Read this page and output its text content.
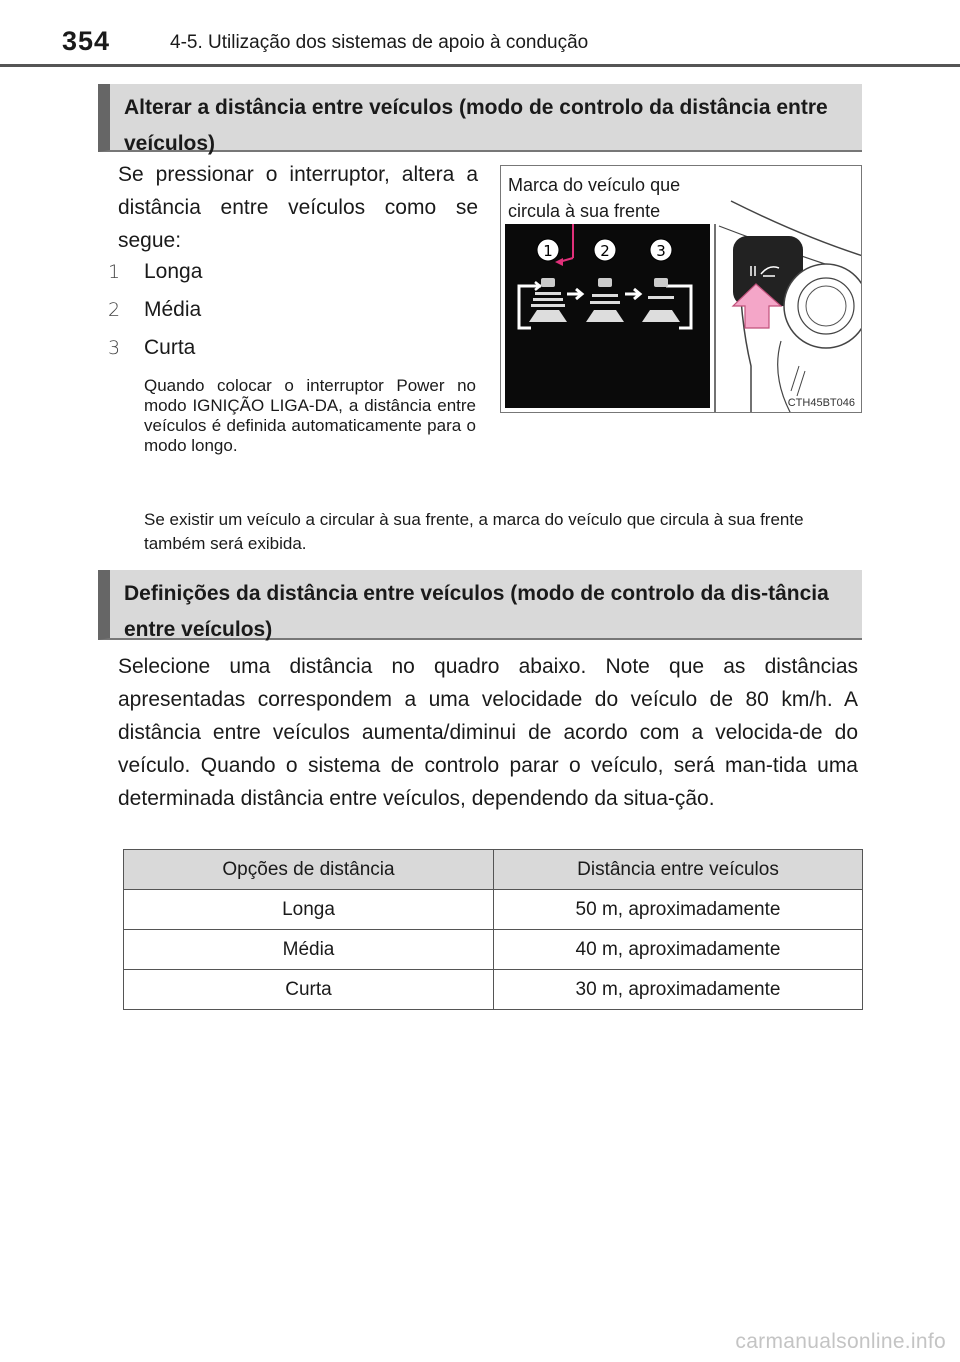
354	4-5. Utilização dos sistemas de apoio à condução
Alterar a distância entre veículos (modo de controlo da distância entre veículos)
Se pressionar o interruptor, altera a distância entre veículos como se segue:
1 Longa
2 Média
3 Curta
Quando colocar o interruptor Power no modo IGNIÇÃO LIGA-DA, a distância entre veículos é definida automaticamente para o modo longo.
Se existir um veículo a circular à sua frente, a marca do veículo que circula à sua frente também será exibida.
1	2	3
CTH45BT046
Marca do veículo que circula à sua frente
Definições da distância entre veículos (modo de controlo da dis-tância entre veículos)
Selecione uma distância no quadro abaixo. Note que as distâncias apresentadas correspondem a uma velocidade do veículo de 80 km/h. A distância entre veículos aumenta/diminui de acordo com a velocida-de do veículo. Quando o sistema de controlo parar o veículo, será man-tida uma determinada distância entre veículos, dependendo da situa-ção.
Opções de distância	Distância entre veículos
Longa	50 m, aproximadamente
Média	40 m, aproximadamente
Curta	30 m, aproximadamente
carmanualsonline.info
